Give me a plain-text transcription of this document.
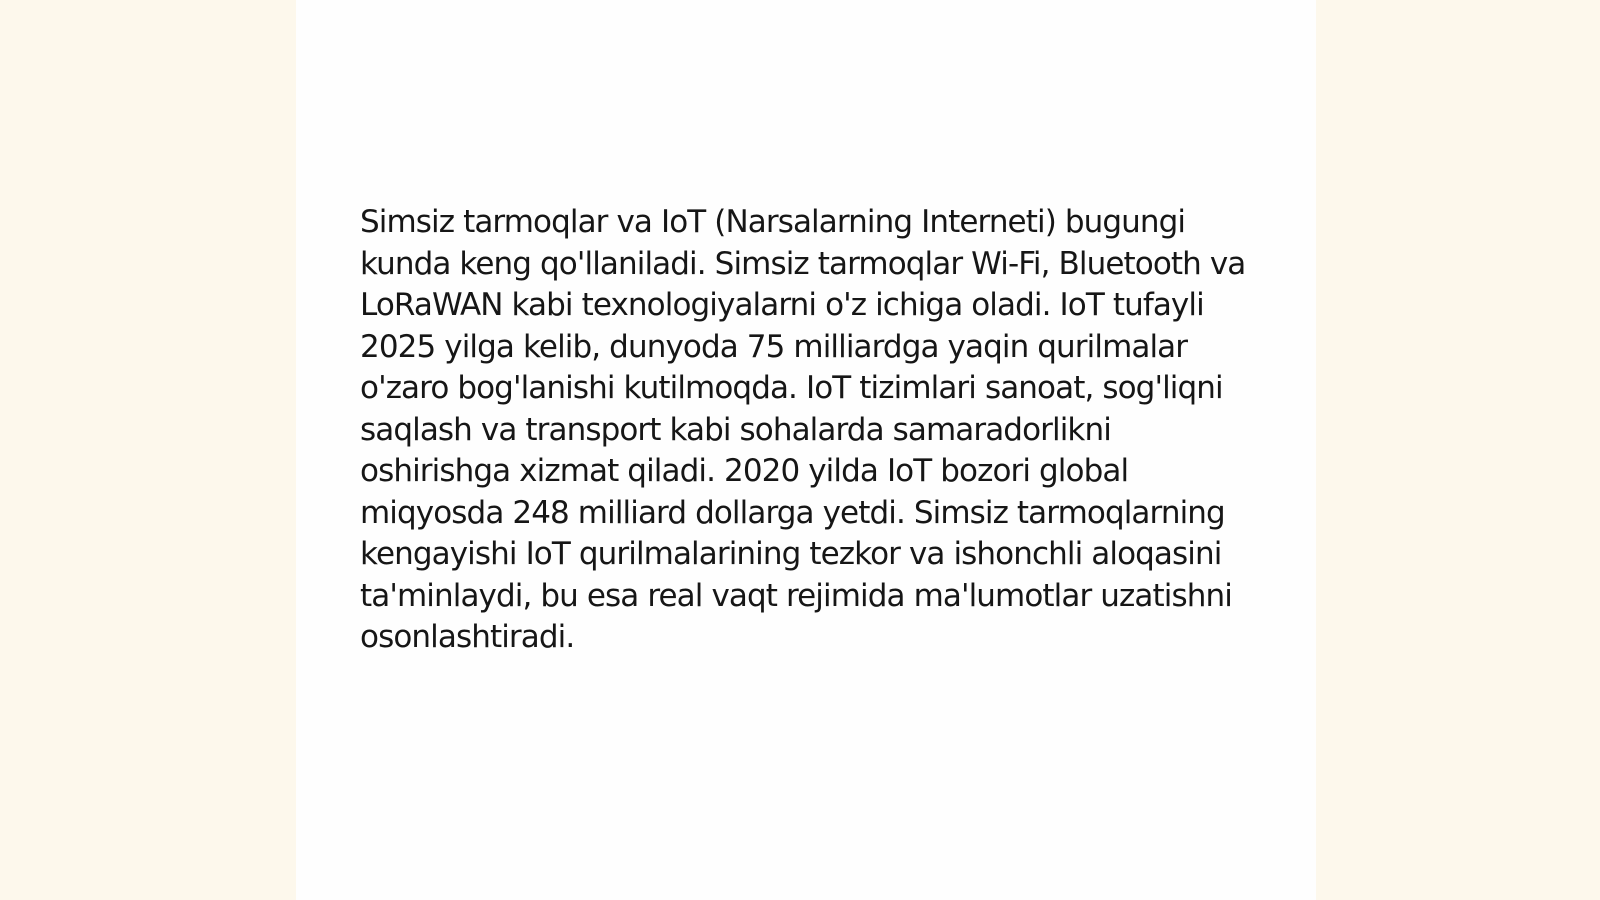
Simsiz tarmoqlar va IoT (Narsalarning Interneti) bugungi kunda keng qo'llaniladi. Simsiz tarmoqlar Wi-Fi, Bluetooth va LoRaWAN kabi texnologiyalarni o'z ichiga oladi. IoT tufayli 2025 yilga kelib, dunyoda 75 milliardga yaqin qurilmalar o'zaro bog'lanishi kutilmoqda. IoT tizimlari sanoat, sog'liqni saqlash va transport kabi sohalarda samaradorlikni oshirishga xizmat qiladi. 2020 yilda IoT bozori global miqyosda 248 milliard dollarga yetdi. Simsiz tarmoqlarning kengayishi IoT qurilmalarining tezkor va ishonchli aloqasini ta'minlaydi, bu esa real vaqt rejimida ma'lumotlar uzatishni osonlashtiradi.
